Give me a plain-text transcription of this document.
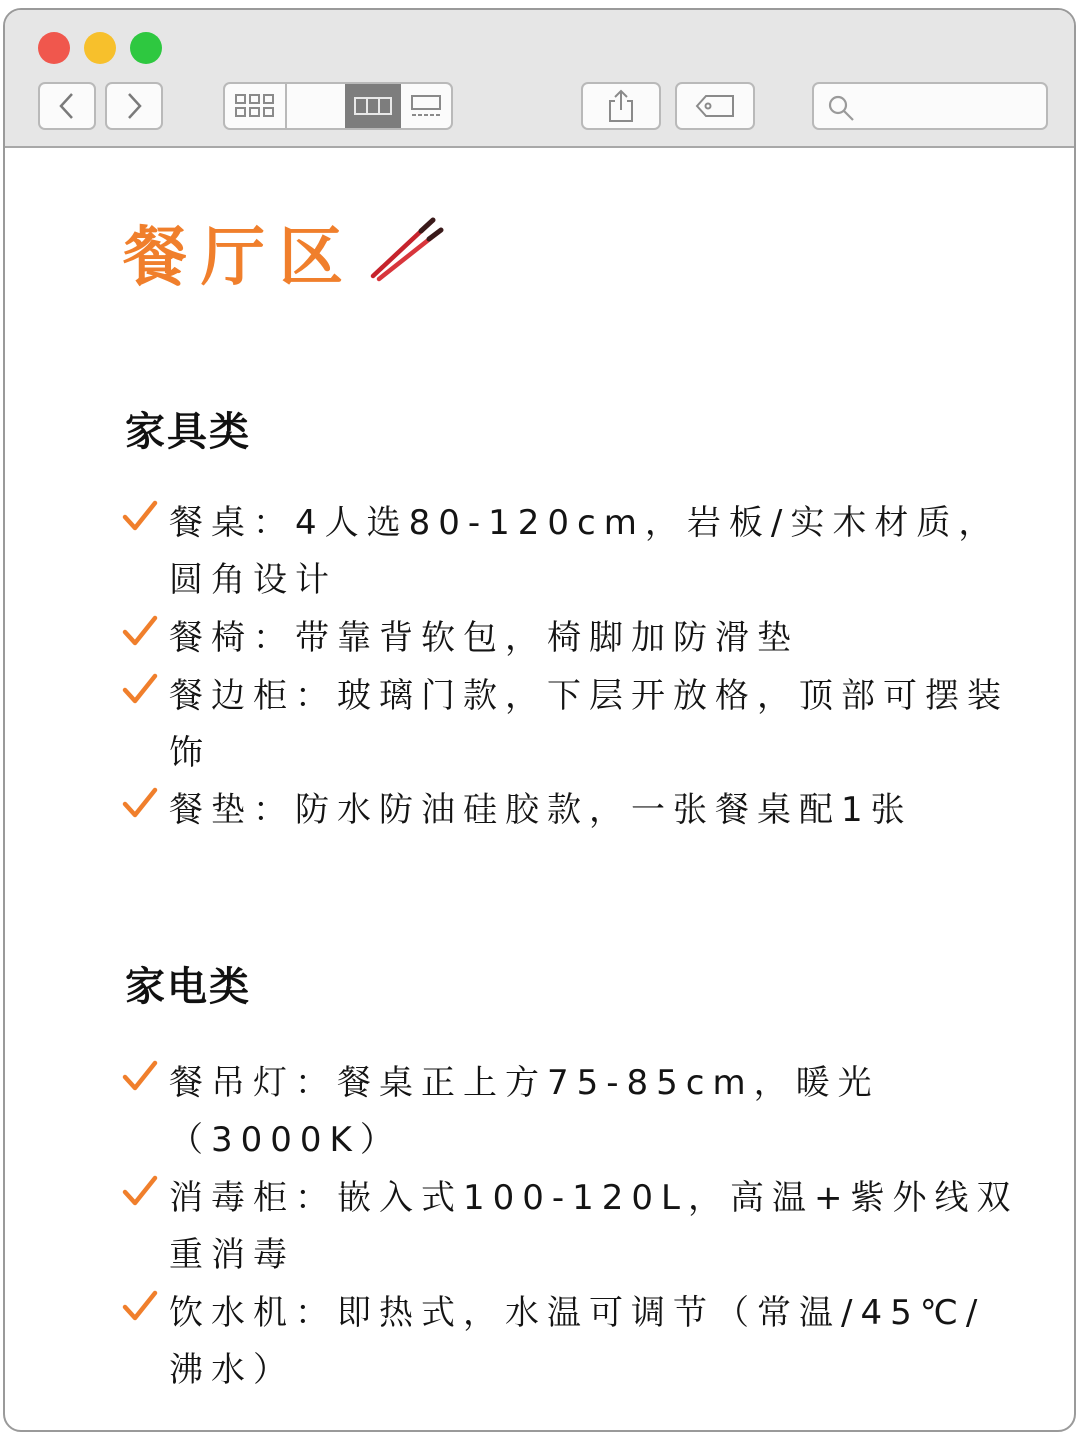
餐厅区
家具类
餐桌：4人选80-120cm，岩板/实木材质，圆角设计
餐椅：带靠背软包，椅脚加防滑垫
餐边柜：玻璃门款，下层开放格，顶部可摆装饰
餐垫：防水防油硅胶款，一张餐桌配1张
家电类
餐吊灯：餐桌正上方75-85cm，暖光（3000K）
消毒柜：嵌入式100-120L，高温+紫外线双重消毒
饮水机：即热式，水温可调节（常温/45℃/沸水）
